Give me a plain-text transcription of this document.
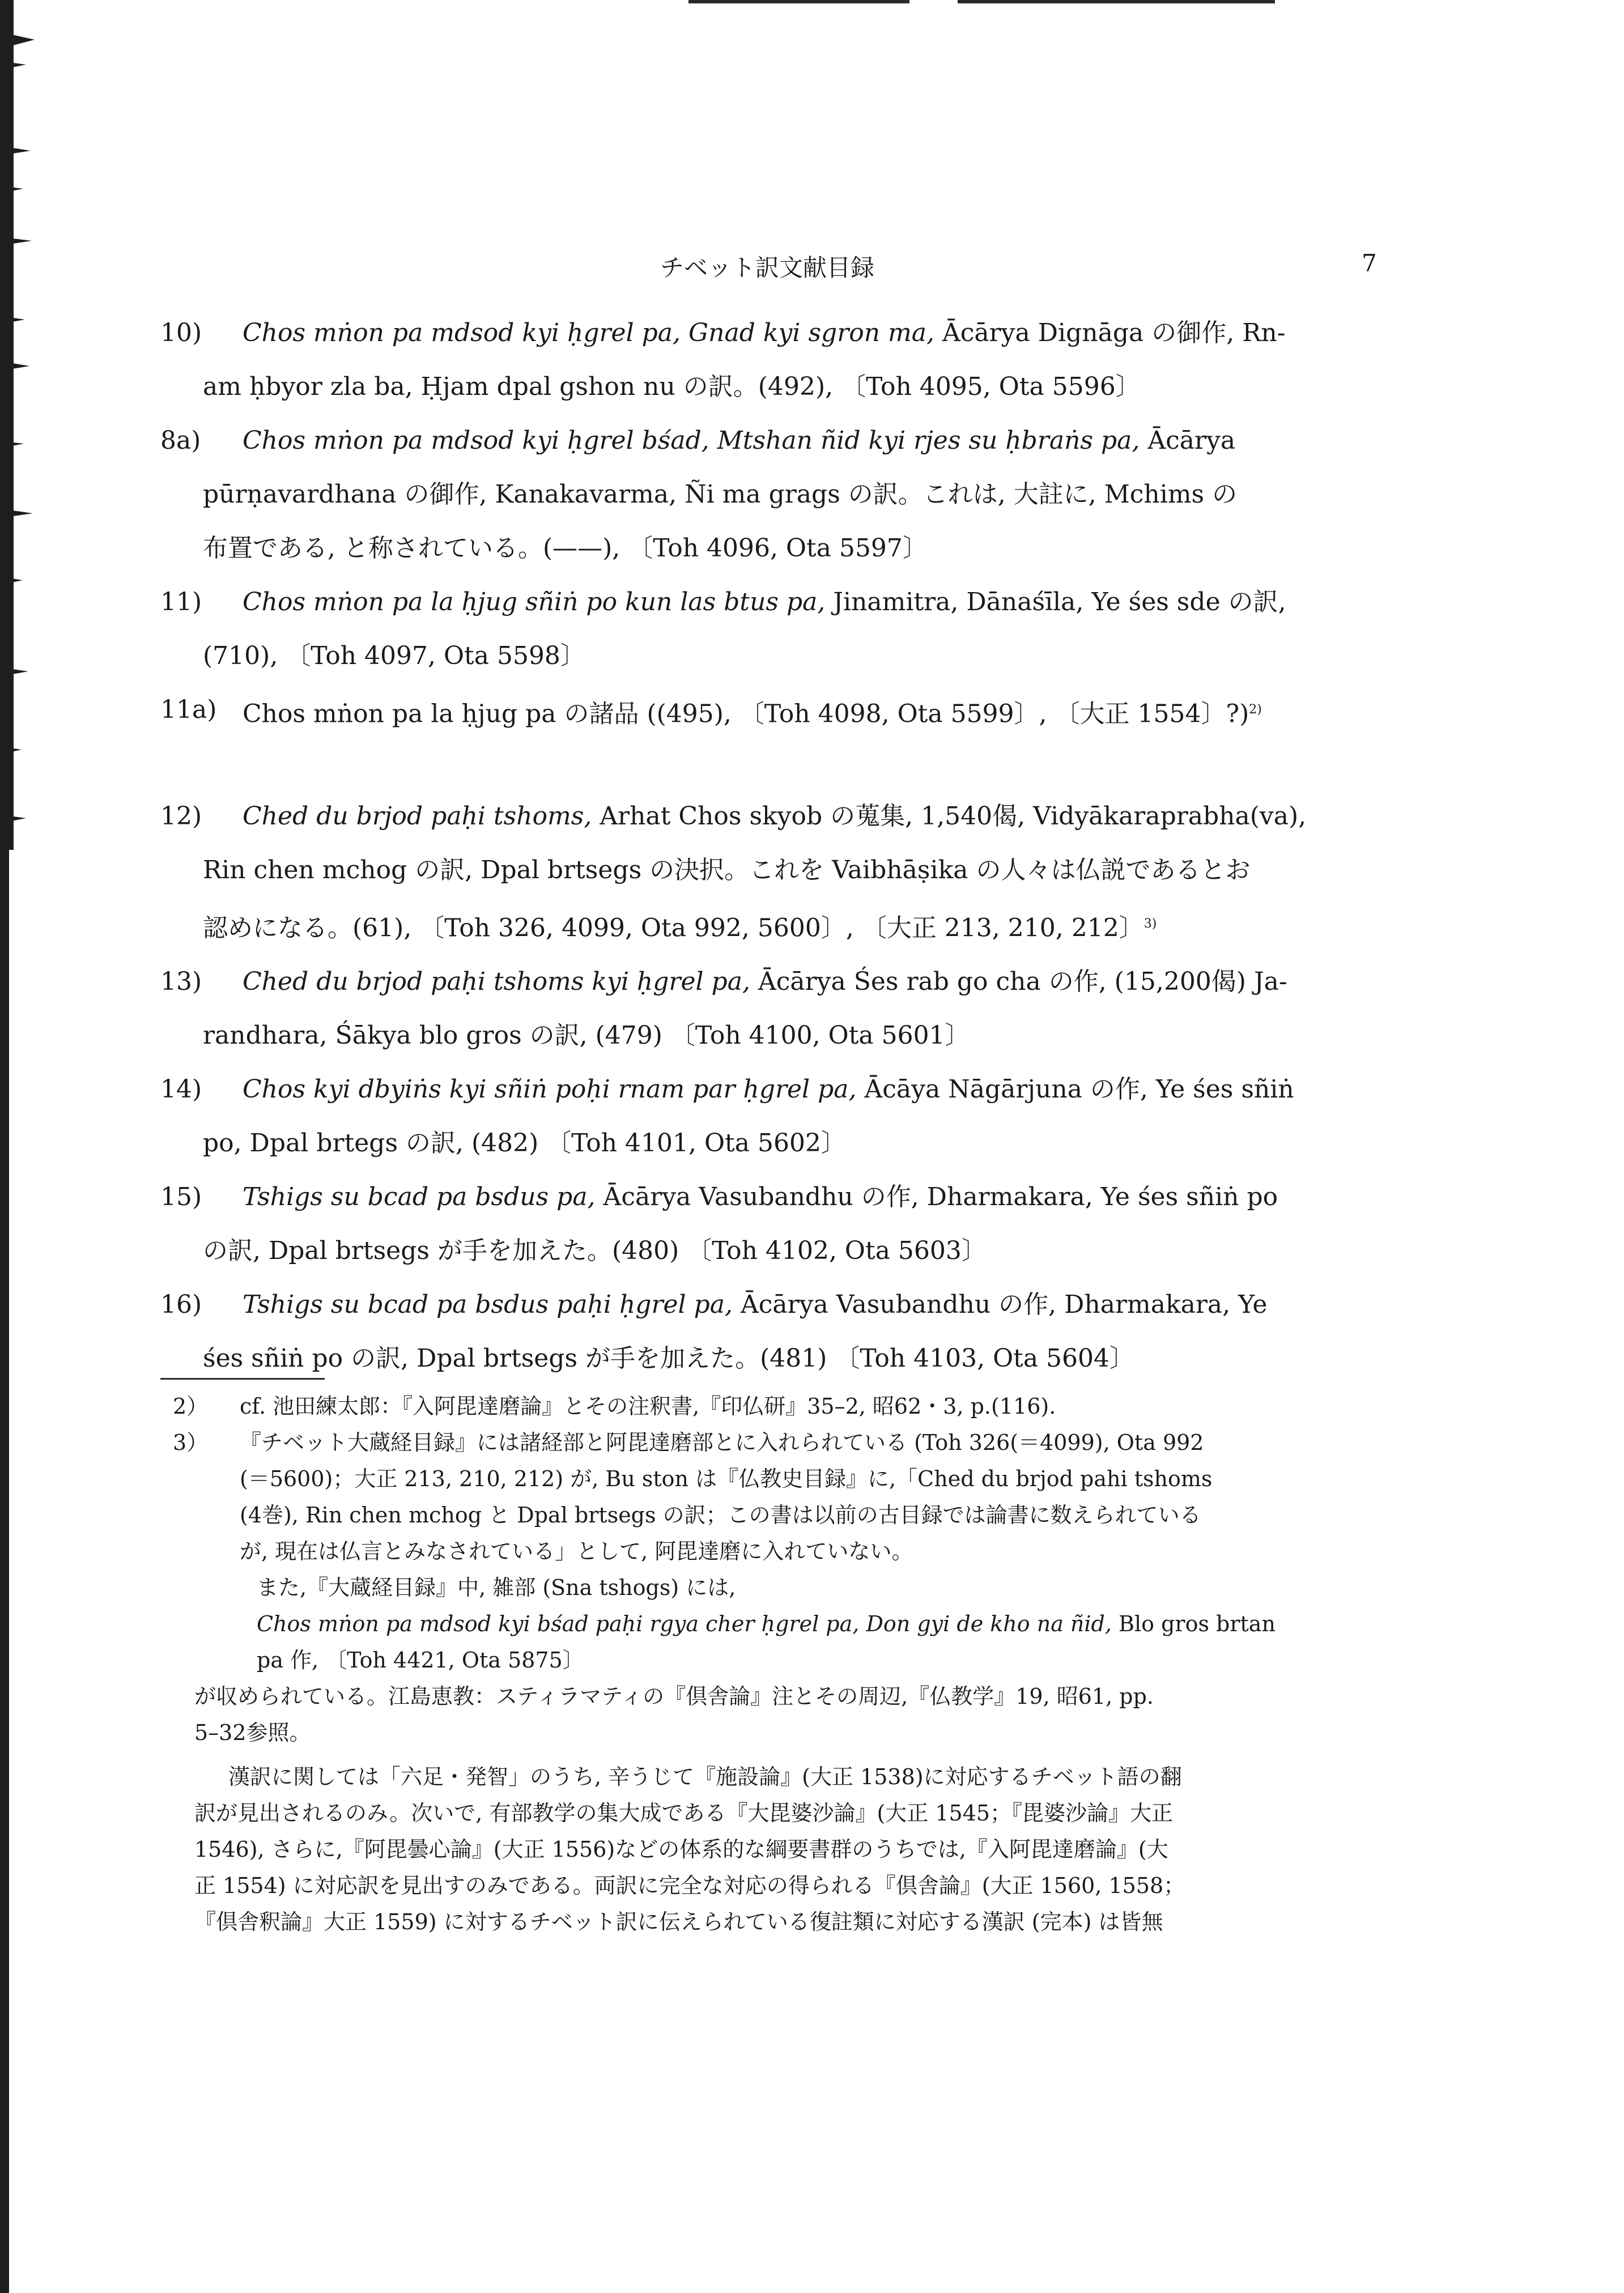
チベット訳文献目録	7
10)	Chos mṅon pa mdsod kyi ḥgrel pa, Gnad kyi sgron ma, Ācārya Dignāga の御作, Rn-
am ḥbyor zla ba, Ḥjam dpal gshon nu の訳。(492), 〔Toh 4095, Ota 5596〕
8a)	Chos mṅon pa mdsod kyi ḥgrel bśad, Mtshan ñid kyi rjes su ḥbraṅs pa, Ācārya
pūrṇavardhana の御作, Kanakavarma, Ñi ma grags の訳。これは, 大註に, Mchims の
布置である, と称されている。(——), 〔Toh 4096, Ota 5597〕
11)	Chos mṅon pa la ḥjug sñiṅ po kun las btus pa, Jinamitra, Dānaśīla, Ye śes sde の訳,
(710), 〔Toh 4097, Ota 5598〕
11a)	Chos mṅon pa la ḥjug pa の諸品 ((495), 〔Toh 4098, Ota 5599〕, 〔大正 1554〕?)$^{2)}$
12)	Ched du brjod paḥi tshoms, Arhat Chos skyob の蒐集, 1,540偈, Vidyākaraprabha(va),
Rin chen mchog の訳, Dpal brtsegs の決択。これを Vaibhāṣika の人々は仏説であるとお
認めになる。(61), 〔Toh 326, 4099, Ota 992, 5600〕, 〔大正 213, 210, 212〕$^{3)}$
13)	Ched du brjod paḥi tshoms kyi ḥgrel pa, Ācārya Śes rab go cha の作, (15,200偈) Ja-
randhara, Śākya blo gros の訳, (479) 〔Toh 4100, Ota 5601〕
14)	Chos kyi dbyiṅs kyi sñiṅ poḥi rnam par ḥgrel pa, Ācāya Nāgārjuna の作, Ye śes sñiṅ
po, Dpal brtegs の訳, (482) 〔Toh 4101, Ota 5602〕
15)	Tshigs su bcad pa bsdus pa, Ācārya Vasubandhu の作, Dharmakara, Ye śes sñiṅ po
の訳, Dpal brtsegs が手を加えた。(480) 〔Toh 4102, Ota 5603〕
16)	Tshigs su bcad pa bsdus paḥi ḥgrel pa, Ācārya Vasubandhu の作, Dharmakara, Ye
śes sñiṅ po の訳, Dpal brtsegs が手を加えた。(481) 〔Toh 4103, Ota 5604〕
2） cf. 池田練太郎：『入阿毘達磨論』とその注釈書,『印仏研』35–2, 昭62・3, p.(116).
3） 『チベット大蔵経目録』には諸経部と阿毘達磨部とに入れられている (Toh 326(＝4099), Ota 992
(＝5600)；大正 213, 210, 212) が, Bu ston は『仏教史目録』に,「Ched du brjod pahi tshoms
(4巻), Rin chen mchog と Dpal brtsegs の訳；この書は以前の古目録では論書に数えられている
が, 現在は仏言とみなされている」として, 阿毘達磨に入れていない。
また,『大蔵経目録』中, 雑部 (Sna tshogs) には,
Chos mṅon pa mdsod kyi bśad paḥi rgya cher ḥgrel pa, Don gyi de kho na ñid, Blo gros brtan
pa 作, 〔Toh 4421, Ota 5875〕
が収められている。江島恵教：スティラマティの『倶舎論』注とその周辺,『仏教学』19, 昭61, pp.
5–32参照。
漢訳に関しては「六足・発智」のうち, 辛うじて『施設論』(大正 1538)に対応するチベット語の翻
訳が見出されるのみ。次いで, 有部教学の集大成である『大毘婆沙論』(大正 1545；『毘婆沙論』大正
1546), さらに,『阿毘曇心論』(大正 1556)などの体系的な綱要書群のうちでは,『入阿毘達磨論』(大
正 1554) に対応訳を見出すのみである。両訳に完全な対応の得られる『倶舎論』(大正 1560, 1558；
『倶舎釈論』大正 1559) に対するチベット訳に伝えられている復註類に対応する漢訳 (完本) は皆無
